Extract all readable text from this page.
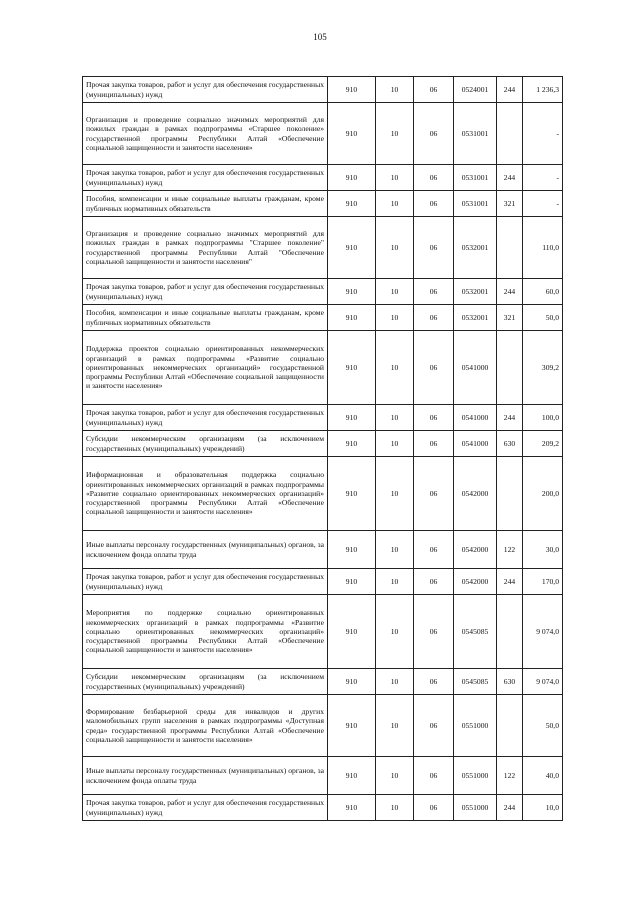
105
Прочая закупка товаров, работ и услуг для обеспечения государственных (муниципальных) нужд	910	10	06	0524001	244	1 236,3
Организация и проведение социально значимых мероприятий для пожилых граждан в рамках подпрограммы «Старшее поколение» государственной программы Республики Алтай «Обеспечение социальной защищенности и занятости населения»	910	10	06	0531001		-
Прочая закупка товаров, работ и услуг для обеспечения государственных (муниципальных) нужд	910	10	06	0531001	244	-
Пособия, компенсации и иные социальные выплаты гражданам, кроме публичных нормативных обязательств	910	10	06	0531001	321	-
Организация и проведение социально значимых мероприятий для пожилых граждан в рамках подпрограммы "Старшее поколение" государственной программы Республики Алтай "Обеспечение социальной защищенности и занятости населения"	910	10	06	0532001		110,0
Прочая закупка товаров, работ и услуг для обеспечения государственных (муниципальных) нужд	910	10	06	0532001	244	60,0
Пособия, компенсации и иные социальные выплаты гражданам, кроме публичных нормативных обязательств	910	10	06	0532001	321	50,0
Поддержка проектов социально ориентированных некоммерческих организаций в рамках подпрограммы «Развитие социально ориентированных некоммерческих организаций» государственной программы Республики Алтай «Обеспечение социальной защищенности и занятости населения»	910	10	06	0541000		309,2
Прочая закупка товаров, работ и услуг для обеспечения государственных (муниципальных) нужд	910	10	06	0541000	244	100,0
Субсидии некоммерческим организациям (за исключением государственных (муниципальных) учреждений)	910	10	06	0541000	630	209,2
Информационная и образовательная поддержка социально ориентированных некоммерческих организаций в рамках подпрограммы «Развитие социально ориентированных некоммерческих организаций» государственной программы Республики Алтай «Обеспечение социальной защищенности и занятости населения»	910	10	06	0542000		200,0
Иные выплаты персоналу государственных (муниципальных) органов, за исключением фонда оплаты труда	910	10	06	0542000	122	30,0
Прочая закупка товаров, работ и услуг для обеспечения государственных (муниципальных) нужд	910	10	06	0542000	244	170,0
Мероприятия по поддержке социально ориентированных некоммерческих организаций в рамках подпрограммы «Развитие социально ориентированных некоммерческих организаций» государственной программы Республики Алтай «Обеспечение социальной защищенности и занятости населения»	910	10	06	0545085		9 074,0
Субсидии некоммерческим организациям (за исключением государственных (муниципальных) учреждений)	910	10	06	0545085	630	9 074,0
Формирование безбарьерной среды для инвалидов и других маломобильных групп населения в рамках подпрограммы «Доступная среда» государственной программы Республики Алтай «Обеспечение социальной защищенности и занятости населения»	910	10	06	0551000		50,0
Иные выплаты персоналу государственных (муниципальных) органов, за исключением фонда оплаты труда	910	10	06	0551000	122	40,0
Прочая закупка товаров, работ и услуг для обеспечения государственных (муниципальных) нужд	910	10	06	0551000	244	10,0
